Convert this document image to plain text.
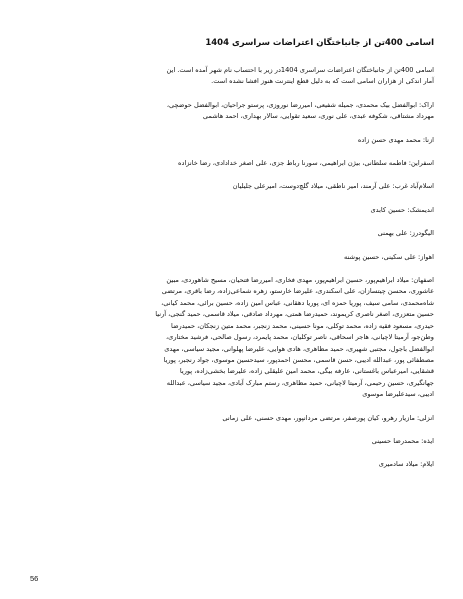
اسامی 400تن از جانباختگان اعتراضات سراسری 1404
اسامی 400تن از جانباختگان اعتراضات سراسری 1404در زیر با احتساب نام شهر آمده است. این
آمار اندکی از هزاران اسامی است که به دلیل قطع اینترنت هنوز افشا نشده است.
اراک: ابوالفضل بیک محمدی، جمیله شفیعی، امیررضا نوروزی، پرستو جراحیان، ابوالفضل حوضچی،
مهرداد مشتاقی، شکوفه عبدی، علی نوری، سعید تقوایی، سالار بهداری، احمد هاشمی
ازنا: محمد مهدی حسن زاده
اسفراین: فاطمه سلطانی، بیژن ابراهیمی، سورنا رباط جزی، علی اصغر خدادادی، رضا خانزاده
اسلام‌آباد غرب: علی آرمند، امیر ناطقی، میلاد گلچ‌دوست، امیرعلی جلیلیان
اندیمشک: حسین کابدی
الیگودرز: علی بهمنی
اهواز: علی سکینی، حسین پوشنه
اصفهان: میلاد ابراهیم‌پور، حسین ابراهیم‌پور، مهدی فخاری، امیررضا فتحیان، مسیح شاهوردی، مبین
عاشوری، محسن چیتسازان، علی اسکندری، علیرضا خارستو، زهره شماعی‌زاده، رضا باقری، مرتضی
شاه‌محمدی، سامی سیف، پوریا حمزه ای، پوریا دهقانی، عباس امین زاده، حسین برائی، محمد کیانی،
حسین متعزری، اصغر ناصری کریموند، حمیدرضا همتی، مهرداد صادقی، میلاد قاسمی، حمید گنجی، آرنیا
حیدری، مسعود فقیه زاده، محمد توکلی، مونا حسینی، محمد زنجبر، محمد متین زنجکان، حمیدرضا
وطن‌جو، آرمیتا لاچیانی، هاجر اسحاقی، ناصر توکلیان، محمد پایمرد، رسول صالحی، فرشید مختاری،
ابوالفضل باجول، مجتبی شهیری، حمید مظاهری، هادی هوایی، علیرضا پهلوانی، مجید سیاسی، مهدی
مصطفائی پور، عبدالله ادیبی، حسن قاسمی، محسن احمدپور، سیدحسین موسوی، جواد رنجبر، پوریا
قشقایی، امیرعباس باغستانی، عارفه بیگی، محمد امین علیقلی زاده، علیرضا بخشی‌زاده، پوریا
جهانگیری، حسین رحیمی، آرمیتا لاچیانی، حمید مظاهری، رستم مبارک آبادی، مجید سیاسی، عبدالله
ادیبی، سیدعلیرضا موسوی
انزلی: مازیار رهرو، کیان پورصفر، مرتضی مردانپور، مهدی حسنی، علی زمانی
ایذه: محمدرضا حسینی
ایلام: میلاد سادمیری
56
